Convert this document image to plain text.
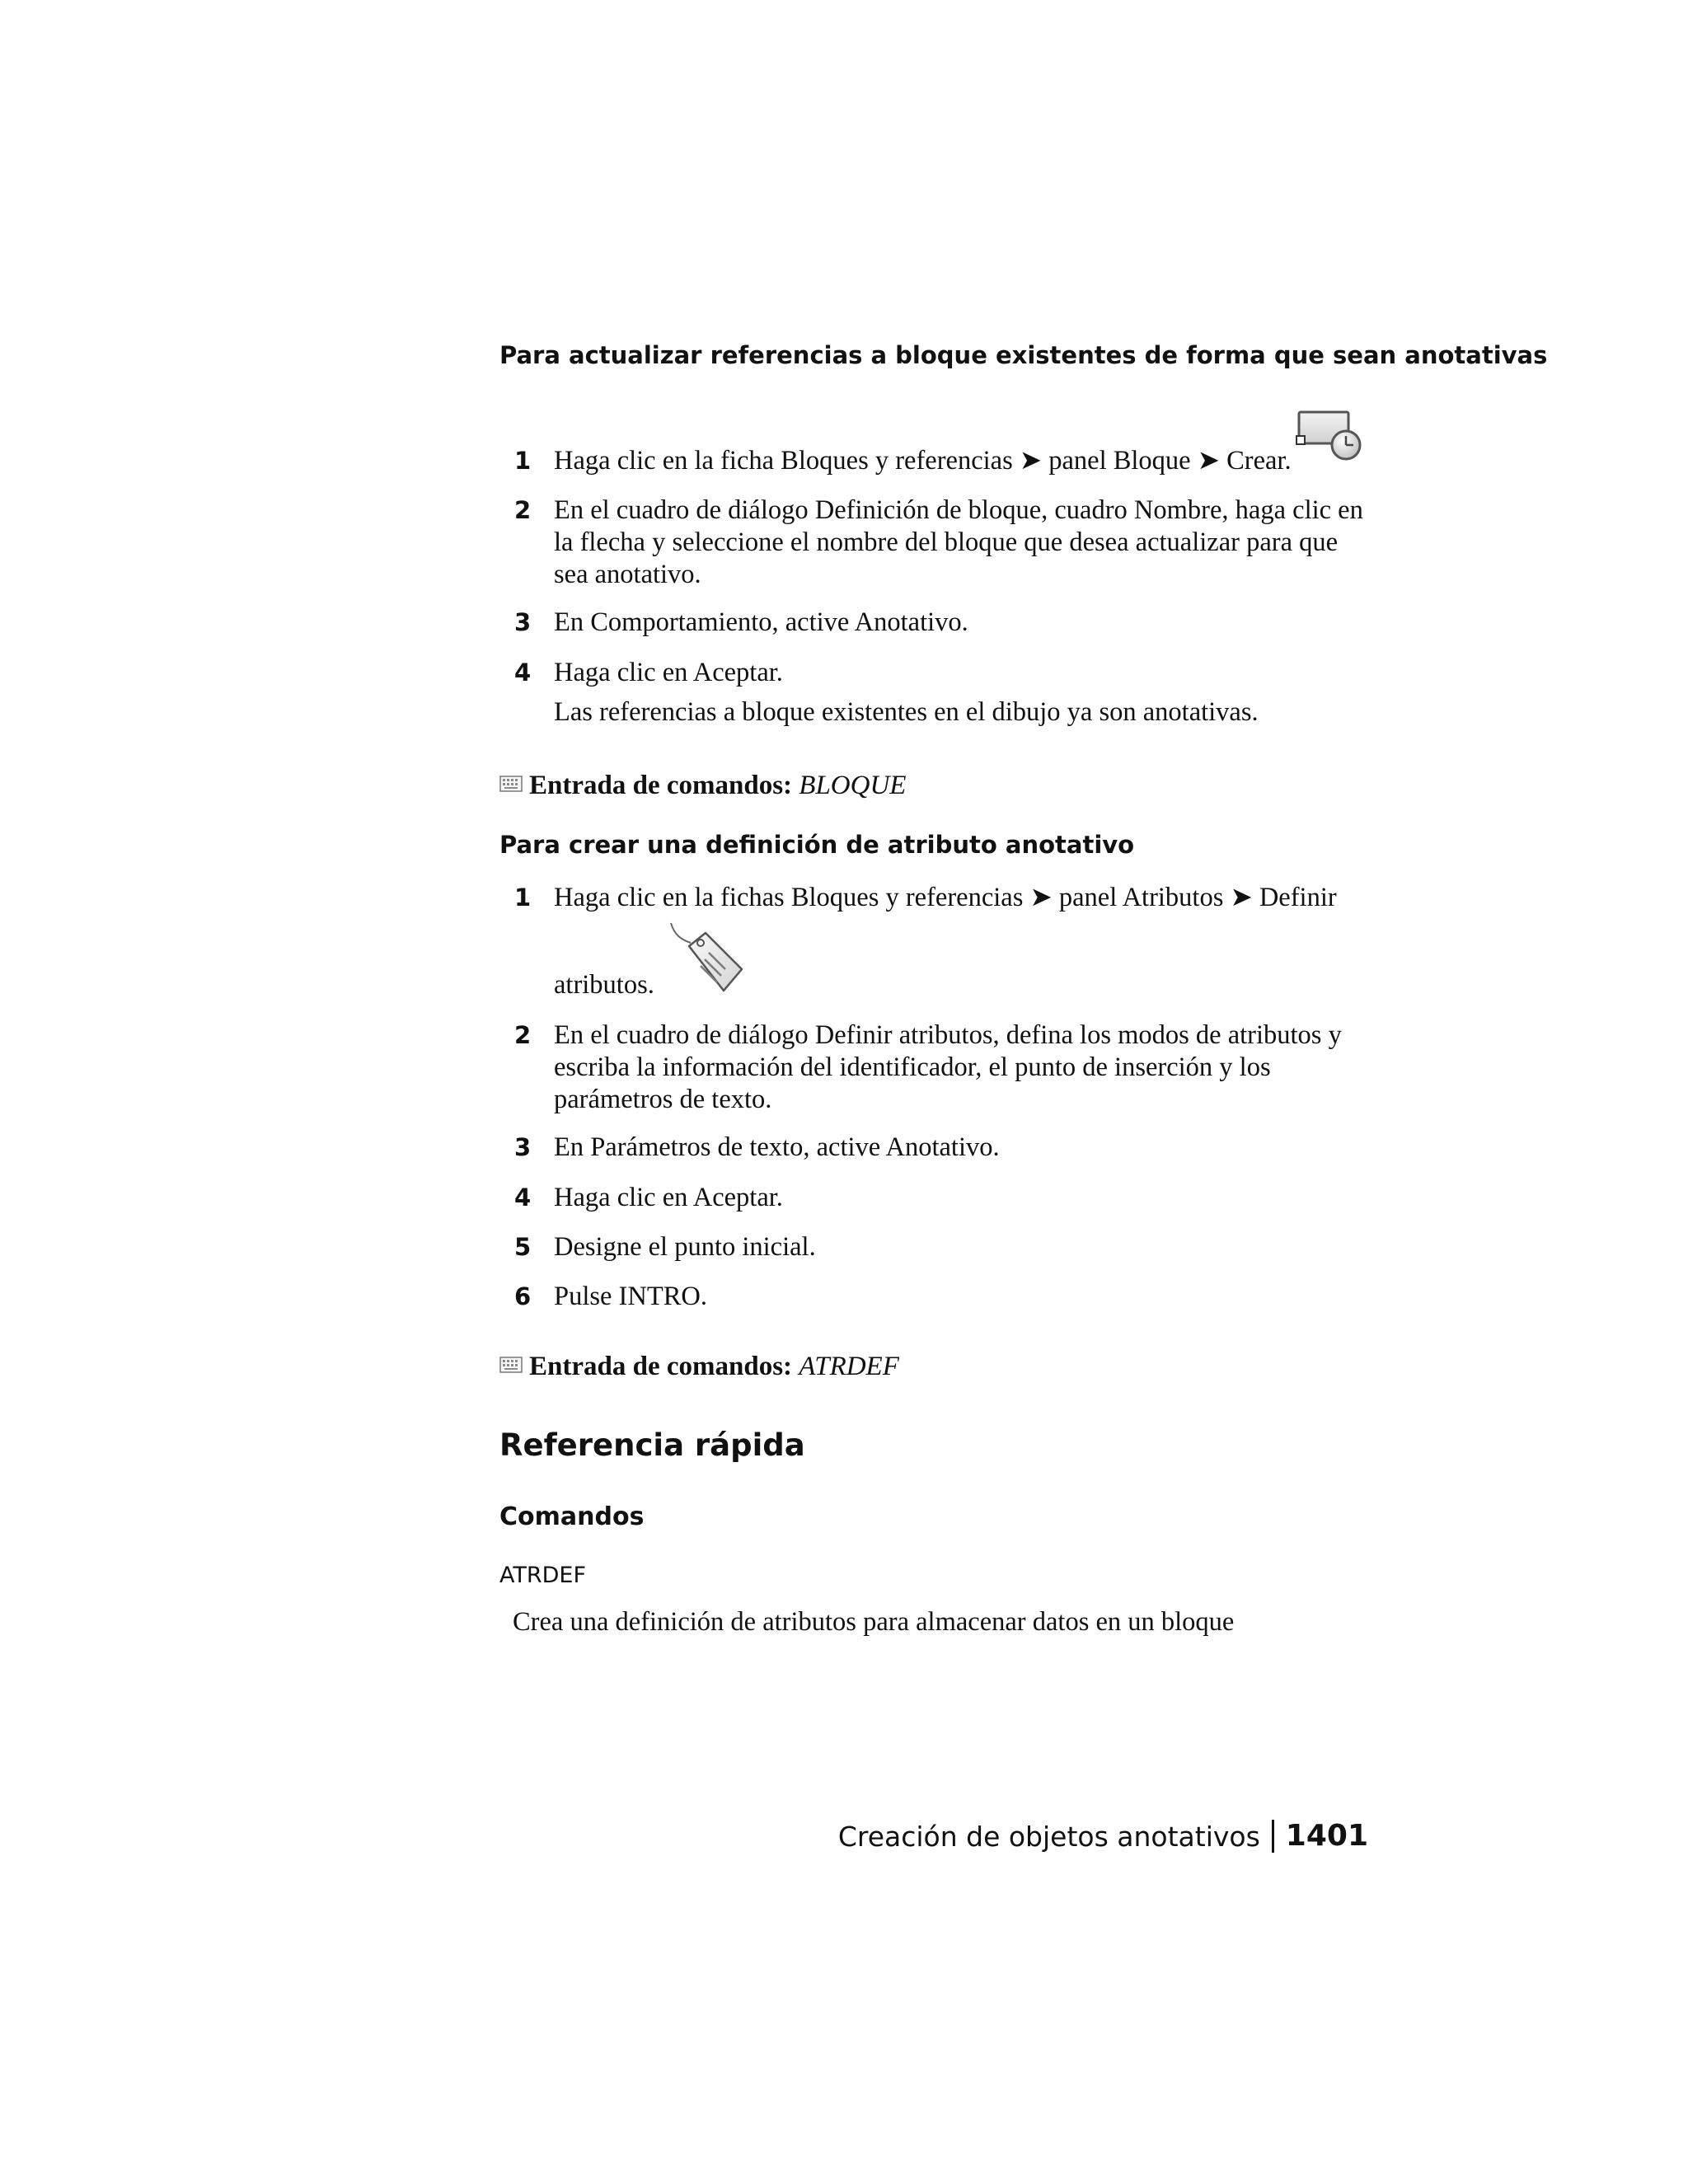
Para actualizar referencias a bloque existentes de forma que sean anotativas
1 Haga clic en la ficha Bloques y referencias ➤ panel Bloque ➤ Crear.
2 En el cuadro de diálogo Definición de bloque, cuadro Nombre, haga clic en la flecha y seleccione el nombre del bloque que desea actualizar para que sea anotativo.
3 En Comportamiento, active Anotativo.
4 Haga clic en Aceptar.
Las referencias a bloque existentes en el dibujo ya son anotativas.
Entrada de comandos: BLOQUE
Para crear una definición de atributo anotativo
1 Haga clic en la fichas Bloques y referencias ➤ panel Atributos ➤ Definir
atributos.
2 En el cuadro de diálogo Definir atributos, defina los modos de atributos y escriba la información del identificador, el punto de inserción y los parámetros de texto.
3 En Parámetros de texto, active Anotativo.
4 Haga clic en Aceptar.
5 Designe el punto inicial.
6 Pulse INTRO.
Entrada de comandos: ATRDEF
Referencia rápida
Comandos
ATRDEF
Crea una definición de atributos para almacenar datos en un bloque
Creación de objetos anotativos 1401
